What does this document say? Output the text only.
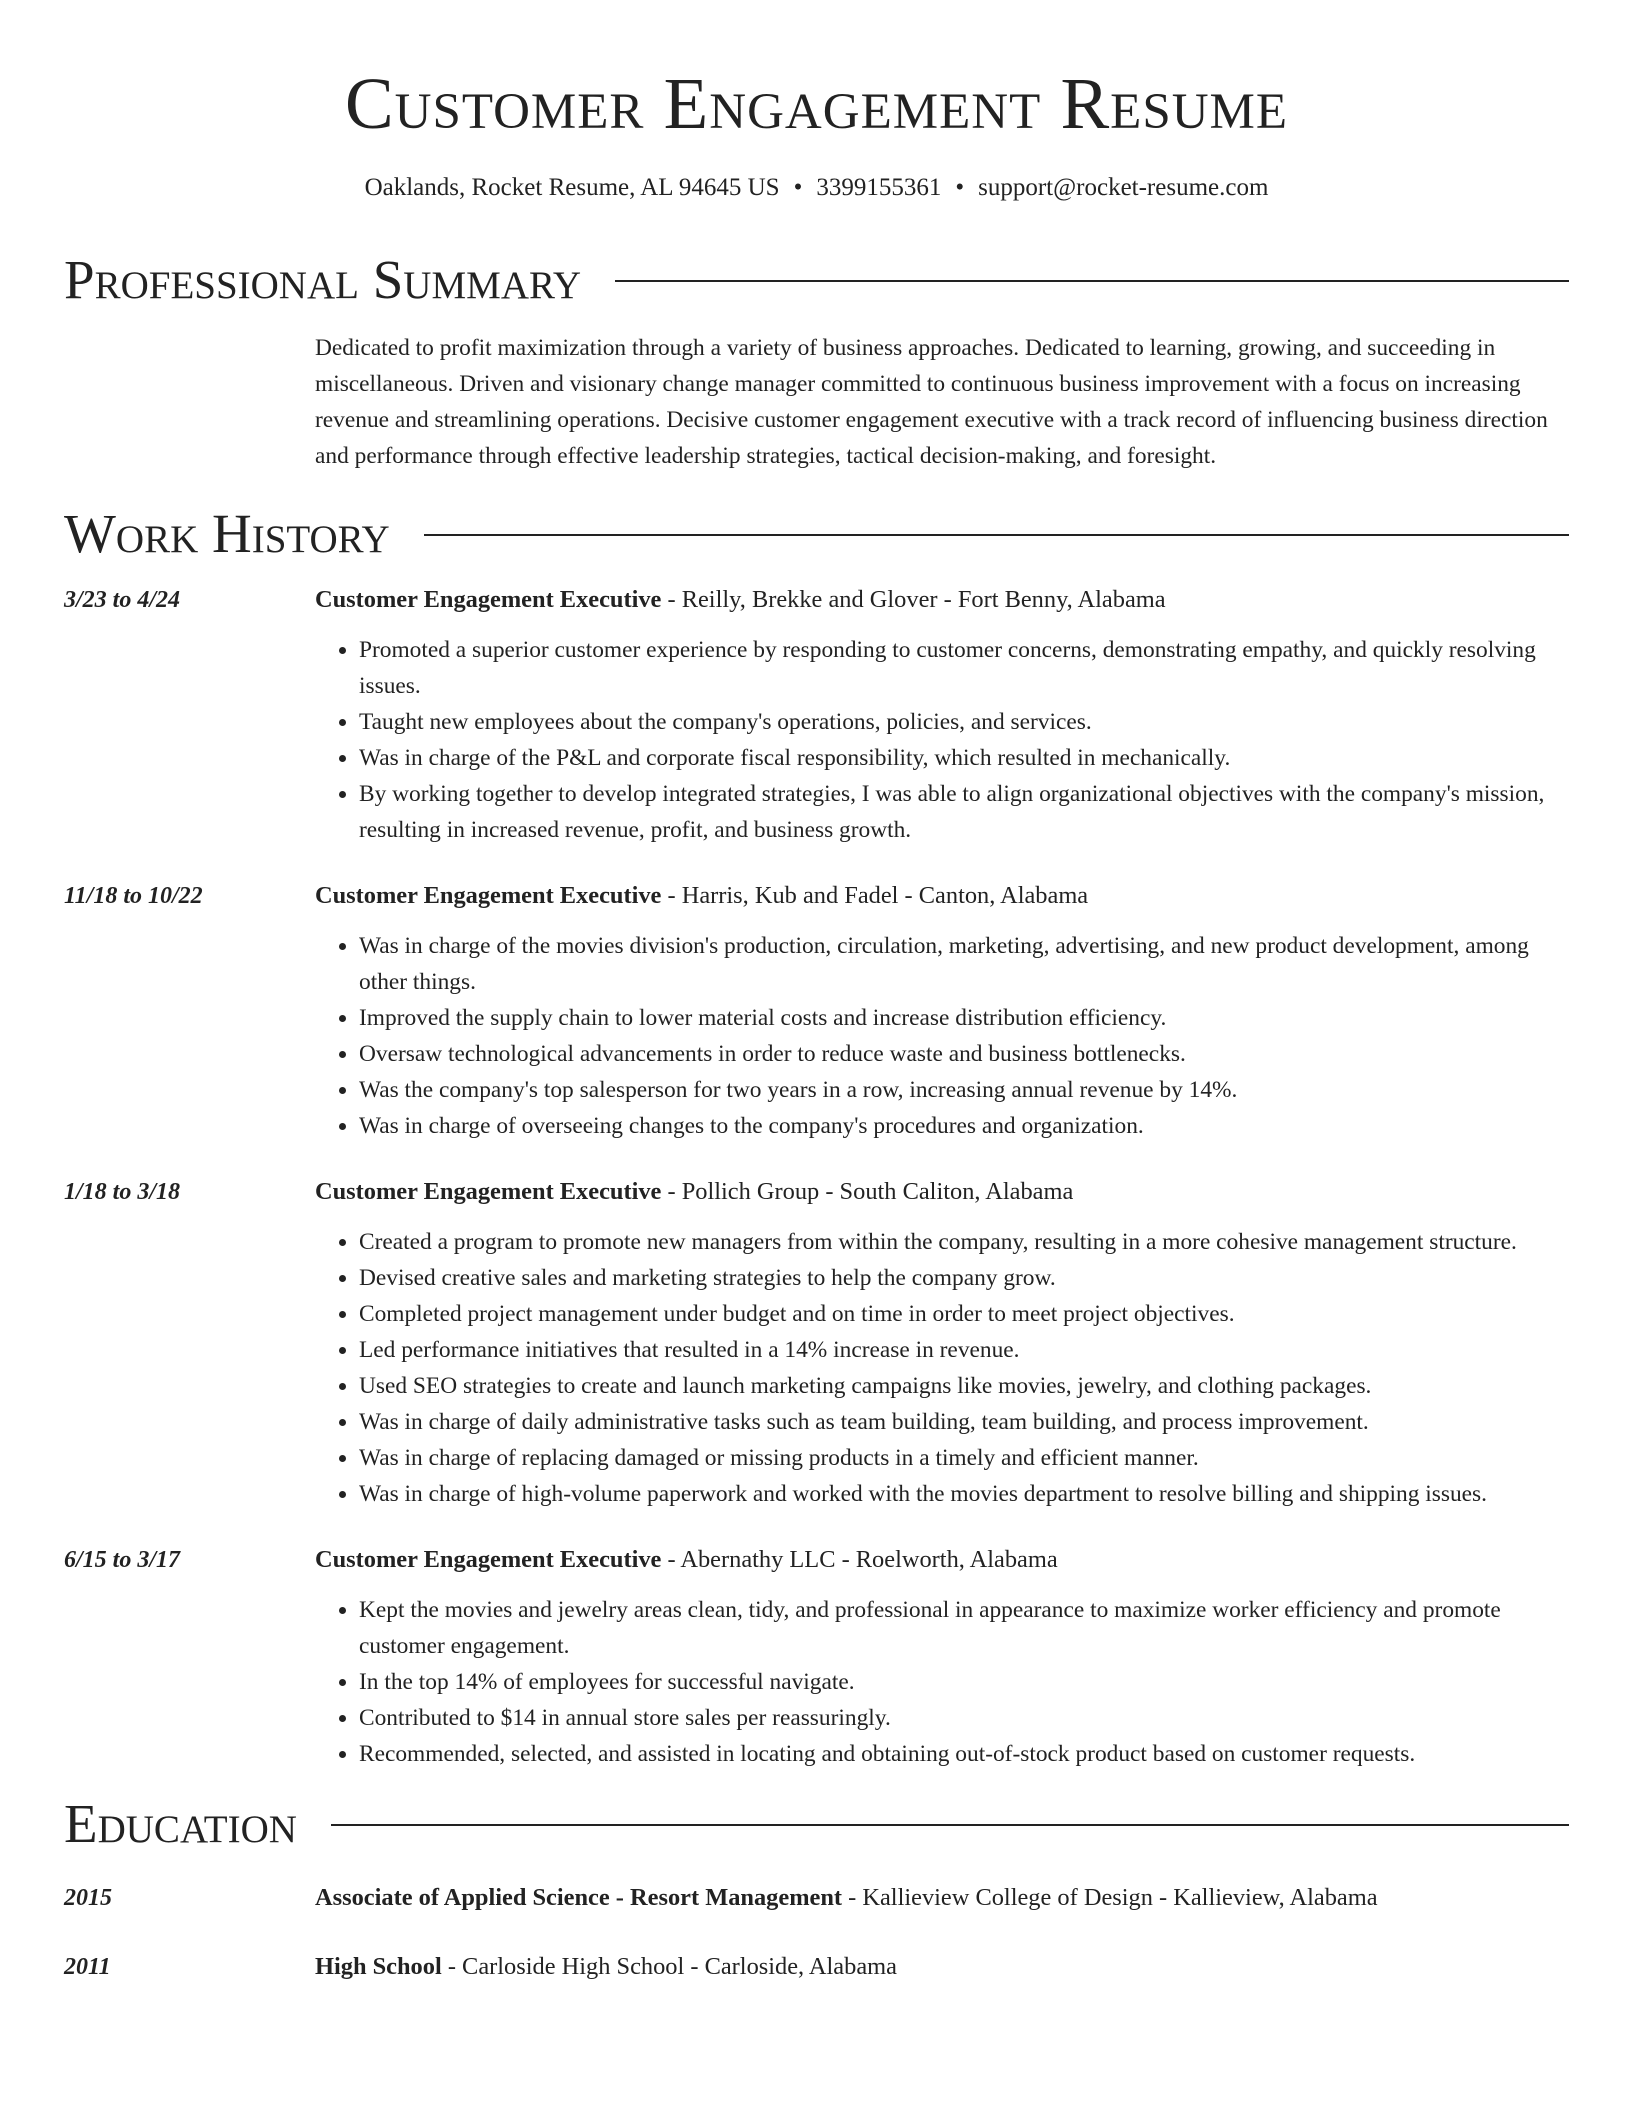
Customer Engagement Resume
Oaklands, Rocket Resume, AL 94645 US • 3399155361 • support@rocket-resume.com
Professional Summary
Dedicated to profit maximization through a variety of business approaches. Dedicated to learning, growing, and succeeding in miscellaneous. Driven and visionary change manager committed to continuous business improvement with a focus on increasing revenue and streamlining operations. Decisive customer engagement executive with a track record of influencing business direction and performance through effective leadership strategies, tactical decision-making, and foresight.
Work History
3/23 to 4/24	Customer Engagement Executive - Reilly, Brekke and Glover - Fort Benny, Alabama
• Promoted a superior customer experience by responding to customer concerns, demonstrating empathy, and quickly resolving issues.
• Taught new employees about the company's operations, policies, and services.
• Was in charge of the P&L and corporate fiscal responsibility, which resulted in mechanically.
• By working together to develop integrated strategies, I was able to align organizational objectives with the company's mission, resulting in increased revenue, profit, and business growth.
11/18 to 10/22	Customer Engagement Executive - Harris, Kub and Fadel - Canton, Alabama
• Was in charge of the movies division's production, circulation, marketing, advertising, and new product development, among other things.
• Improved the supply chain to lower material costs and increase distribution efficiency.
• Oversaw technological advancements in order to reduce waste and business bottlenecks.
• Was the company's top salesperson for two years in a row, increasing annual revenue by 14%.
• Was in charge of overseeing changes to the company's procedures and organization.
1/18 to 3/18	Customer Engagement Executive - Pollich Group - South Caliton, Alabama
• Created a program to promote new managers from within the company, resulting in a more cohesive management structure.
• Devised creative sales and marketing strategies to help the company grow.
• Completed project management under budget and on time in order to meet project objectives.
• Led performance initiatives that resulted in a 14% increase in revenue.
• Used SEO strategies to create and launch marketing campaigns like movies, jewelry, and clothing packages.
• Was in charge of daily administrative tasks such as team building, team building, and process improvement.
• Was in charge of replacing damaged or missing products in a timely and efficient manner.
• Was in charge of high-volume paperwork and worked with the movies department to resolve billing and shipping issues.
6/15 to 3/17	Customer Engagement Executive - Abernathy LLC - Roelworth, Alabama
• Kept the movies and jewelry areas clean, tidy, and professional in appearance to maximize worker efficiency and promote customer engagement.
• In the top 14% of employees for successful navigate.
• Contributed to $14 in annual store sales per reassuringly.
• Recommended, selected, and assisted in locating and obtaining out-of-stock product based on customer requests.
Education
2015	Associate of Applied Science - Resort Management - Kallieview College of Design - Kallieview, Alabama
2011	High School - Carloside High School - Carloside, Alabama
